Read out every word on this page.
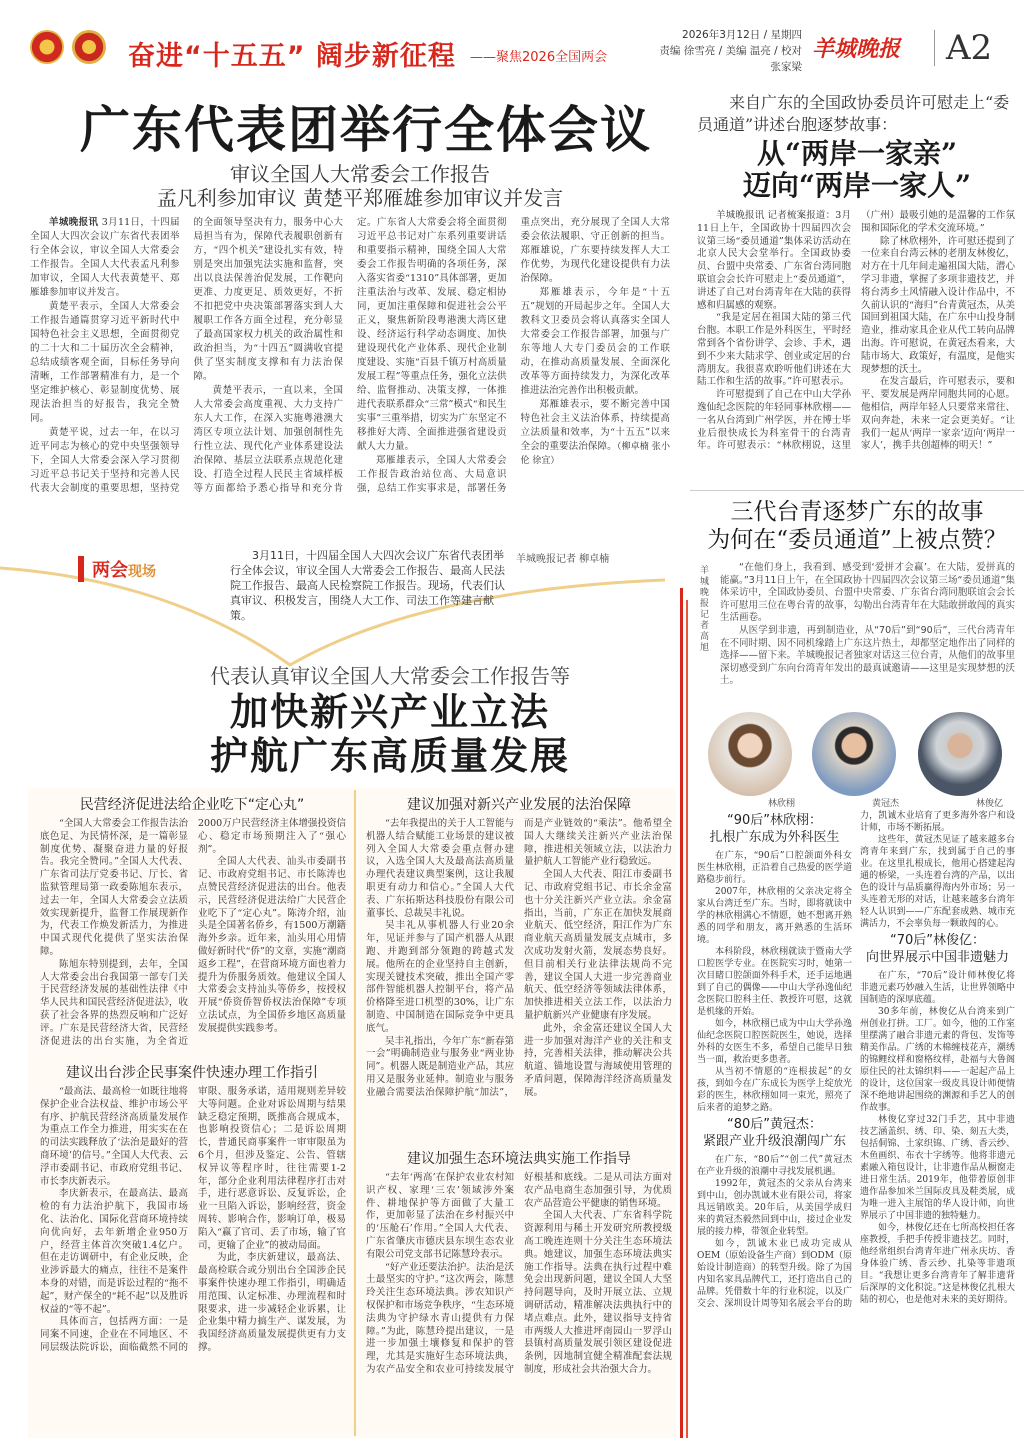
奋进“十五五” 阔步新征程 ——聚焦2026全国两会
2026年3月12日 / 星期四
责编 徐雪亮 / 美编 温亮 / 校对 张家梁
羊城晚报 A2
广东代表团举行全体会议
审议全国人大常委会工作报告
孟凡利参加审议 黄楚平郑雁雄参加审议并发言

羊城晚报讯 3月11日，十四届全国人大四次会议广东省代表团举行全体会议，审议全国人大常委会工作报告。全国人大代表孟凡利参加审议，全国人大代表黄楚平、郑雁雄参加审议并发言。

黄楚平表示，全国人大常委会工作报告通篇贯穿习近平新时代中国特色社会主义思想，全面贯彻党的二十大和二十届历次全会精神，总结成绩客观全面，目标任务导向清晰，工作部署精准有力，是一个坚定维护核心、彰显制度优势、展现法治担当的好报告，我完全赞同。

黄楚平说，过去一年，在以习近平同志为核心的党中央坚强领导下，全国人大常委会深入学习贯彻习近平总书记关于坚持和完善人民代表大会制度的重要思想，坚持党的全面领导坚决有力，服务中心大局担当有为，保障代表履职创新有方，“四个机关”建设扎实有效，特别是突出加强宪法实施和监督，突出以良法保善治促发展，工作靶向更准、力度更足、质效更好，不折不扣把党中央决策部署落实到人大履职工作各方面全过程，充分彰显了最高国家权力机关的政治属性和政治担当，为“十四五”圆满收官提供了坚实制度支撑和有力法治保障。

黄楚平表示，一直以来，全国人大常委会高度重视、大力支持广东人大工作，在深入实施粤港澳大湾区专项立法计划、加强创制性先行性立法、现代化产业体系建设法治保障、基层立法联系点规范化建设、打造全过程人民民主省域样板等方面都给予悉心指导和充分肯定。广东省人大常委会将全面贯彻习近平总书记对广东系列重要讲话和重要指示精神，围绕全国人大常委会工作报告明确的各项任务，深入落实省委“1310”具体部署，更加注重法治与改革、发展、稳定相协同，更加注重保障和促进社会公平正义，聚焦新阶段粤港澳大湾区建设、经济运行科学动态调度、加快建设现代化产业体系、现代企业制度建设、实施“百县千镇万村高质量发展工程”等重点任务，强化立法供给、监督推动、决策支撑，一体推进代表联系群众“三常”模式“和民生实事”三重举措，切实为广东坚定不移推好大湾、全面推进强省建设贡献人大力量。

郑雁雄表示，全国人大常委会工作报告政治站位高、大局意识强，总结工作实事求是，部署任务重点突出，充分展现了全国人大常委会依法履职、守正创新的担当。郑雁雄说，广东要持续发挥人大工作优势，为现代化建设提供有力法治保障。

郑雁雄表示，今年是“十五五”规划的开局起步之年。全国人大教科文卫委员会将认真落实全国人大常委会工作报告部署，加强与广东等地人大专门委员会的工作联动，在推动高质量发展、全面深化改革等方面持续发力，为深化改革推进法治完善作出积极贡献。

郑雁雄表示，要不断完善中国特色社会主义法治体系，持续提高立法质量和效率，为“十五五”以来全会的重要法治保障。（柳卓楠 张小伦 徐宜）

来自广东的全国政协委员许可慰走上“委员通道”讲述台胞逐梦故事：
从“两岸一家亲”
迈向“两岸一家人”

羊城晚报讯 记者梳案报道：3月11日上午，全国政协十四届四次会议第三场“委员通道”集体采访活动在北京人民大会堂举行。全国政协委员、台盟中央常委、广东省台湾同胞联谊会会长许可慰走上“委员通道”，讲述了自己对台湾青年在大陆的获得感和归属感的观察。

“我是定居在祖国大陆的第三代台胞。本职工作是外科医生，平时经常到各个省份讲学、会诊、手术，遇到不少来大陆求学、创业或定居的台湾朋友。我很喜欢聆听他们讲述在大陆工作和生活的故事。”许可慰表示。

许可慰提到了自己在中山大学孙逸仙纪念医院的年轻同事林欣栩——一名从台湾到广州学医，并在博士毕业后很快成长为科室骨干的台湾青年。许可慰表示：“林欣栩说，这里（广州）最吸引她的是温馨的工作氛围和国际化的学术交流环境。”

除了林欣栩外，许可慰还提到了一位来自台湾云林的老朋友林俊亿，对方在十几年间走遍祖国大陆，潜心学习非遗，掌握了多项非遗技艺，并将台湾乡土风情融入设计作品中，不久前认识的“海归”台青黄冠杰，从美国回到祖国大陆，在广东中山投身制造业，推动家具企业从代工转向品牌出海。许可慰说，在黄冠杰看来，大陆市场大、政策好，有温度，是他实现梦想的沃土。

在发言最后，许可慰表示，要和平、要发展是两岸同胞共同的心愿。他相信，两岸年轻人只要常来常往、双向奔赴，未来一定会更美好。“让我们一起从‘两岸一家亲’迈向‘两岸一家人’，携手共创超棒的明天！”

三代台青逐梦广东的故事
为何在“委员通道”上被点赞？
羊城晚报记者 高旭

“在他们身上，我看到、感受到‘爱拼才会赢’。在大陆，爱拼真的能赢。”3月11日上午，在全国政协十四届四次会议第三场“委员通道”集体采访中，全国政协委员、台盟中央常委、广东省台湾同胞联谊会会长许可慰用三位在粤台青的故事，勾勒出台湾青年在大陆敢拼敢闯的真实生活画卷。

从医学到非遗，再到制造业，从“70后”到“90后”，三代台湾青年在不同时期、因不同机缘踏上广东这片热土，却都坚定地作出了同样的选择——留下来。羊城晚报记者独家对话这三位台青，从他们的故事里深切感受到广东向台湾青年发出的最真诚邀请——这里是实现梦想的沃土。

林欣栩	黄冠杰	林俊亿
“90后”林欣栩：
扎根广东成为外科医生

在广东，“90后”口腔颌面外科女医生林欣栩，正沿着自己热爱的医学道路稳步前行。

2007年，林欣栩的父亲决定将全家从台湾迁至广东。当时，即将就读中学的林欣栩满心不情愿，她不想离开熟悉的同学和朋友，离开熟悉的生活环境。

本科阶段，林欣栩就读于暨南大学口腔医学专业。在医院实习时，她第一次目睹口腔颌面外科手术，还手运地遇到了自己的偶像——中山大学孙逸仙纪念医院口腔科主任、教授许可慰，这就是机缘的开始。

如今，林欣栩已成为中山大学孙逸仙纪念医院口腔医院医生，她说，选择外科的女医生不多，希望自己能早日独当一面，救治更多患者。

从当初不情愿的“连根拔起”的女孩，到如今在广东成长为医学上绽放光彩的医生，林欣栩如同一束光，照亮了后来者的追梦之路。

“80后”黄冠杰：
紧跟产业升级浪潮闯广东

在广东，“80后”“创二代”黄冠杰在产业升级的浪潮中寻找发展机遇。

1992年，黄冠杰的父亲从台湾来到中山，创办凯诚木业有限公司，将家具远销欧美。20年后，从美国学成归来的黄冠杰毅然回到中山，接过企业发展的接力棒，带领企业转型。

如今，凯诚木业已成功完成从OEM（原始设备生产商）到ODM（原始设计制造商）的转型升级。除了为国内知名家具品牌代工，还打造出自己的品牌。凭借数十年的行业积淀，以及广交会、深圳设计周等知名展会平台的助力，凯诚木业培育了更多海外客户和设计师，市场不断拓展。

这些年，黄冠杰见证了越来越多台湾青年来到广东，找到属于自己的事业。在这里扎根成长，他用心搭建起沟通的桥梁，一头连着台湾的产品，以出色的设计与品质赢得海内外市场；另一头连着无形的对话，让越来越多台湾年轻人认识到——广东配套成熟、城市充满活力，不会辜负每一颗敢闯的心。

“70后”林俊亿：
向世界展示中国非遗魅力

在广东，“70后”设计师林俊亿将非遗元素巧妙融入生活，让世界领略中国制造的深厚底蕴。

30多年前，林俊亿从台湾来到广州创业打拼。工厂。如今，他的工作室里摆满了融合非遗元素的背包、发饰等精美作品。广绣的木棉缠枝花卉，潮绣的锦鲤纹样和窗格纹样，赴福与大鲁阁原住民的社太锦织料——一起起产品上的设计，这位国家一级皮具设计师便情深不绝地讲起围绕的渊源和手艺人的创作故事。

林俊亿穿过32门手艺，其中非遗技艺涵盖织、绣、印、染、刻五大类，包括侗锦、土家织锦、广绣、香云纱、木鱼画织、布衣十字绣等。他将非遗元素融入箱包设计，让非遗作品从橱窗走进日常生活。2019年，他带着原创非遗作品参加米兰国际皮具及鞋类展，成为唯一进入主展馆的华人设计师，向世界展示了中国非遗的独特魅力。

如今，林俊亿还在七所高校担任客座教授，手把手传授非遗技艺。同时，他经常组织台湾青年进广州永庆坊、香身体验广绣、香云纱、扎染等非遗项目。“我想让更多台湾青年了解非遗背后深厚的文化积淀。”这是林俊亿扎根大陆的初心，也是他对未来的美好期待。

两会现场
3月11日，十四届全国人大四次会议广东省代表团举行全体会议，审议全国人大常委会工作报告、最高人民法院工作报告、最高人民检察院工作报告。现场，代表们认真审议、积极发言，围绕人大工作、司法工作等建言献策。
羊城晚报记者 柳卓楠
代表认真审议全国人大常委会工作报告等
加快新兴产业立法
护航广东高质量发展
民营经济促进法给企业吃下“定心丸”

“全国人大常委会工作报告法治底色足、为民情怀深，是一篇彰显制度优势、凝聚奋进力量的好报告。我完全赞同。”全国人大代表、广东省司法厅党委书记、厅长、省监狱管理局第一政委陈旭东表示，过去一年，全国人大常委会立法质效实现新提升，监督工作展现新作为，代表工作焕发新活力，为推进中国式现代化提供了坚实法治保障。

陈旭东特别提到，去年，全国人大常委会出台我国第一部专门关于民营经济发展的基础性法律《中华人民共和国民营经济促进法》，收获了社会各界的热烈反响和广泛好评。广东是民营经济大省，民营经济促进法的出台实施，为全省近2000万户民营经济主体增强投资信心、稳定市场预期注入了“强心剂”。

全国人大代表、汕头市委副书记、市政府党组书记、市长陈涛也点赞民营经济促进法的出台。他表示，民营经济促进法给广大民营企业吃下了“定心丸”。陈涛介绍，汕头是全国著名侨乡，有1500万潮籍海外乡亲。近年来，汕头用心用情做好新时代“侨”的文章，实施“潮商返乡工程”，在营商环境方面也着力提升为侨服务质效。他建议全国人大常委会支持汕头等侨乡，按授权开展“侨资侨智侨权法治保障”专项立法试点，为全国侨乡地区高质量发展提供实践参考。

建议出台涉企民事案件快速办理工作指引

“最高法、最高检一如既往地将保护企业合法权益、维护市场公平有序、护航民营经济高质量发展作为重点工作全力推进，用实实在在的司法实践释放了‘法治是最好的营商环境’的信号。”全国人大代表、云浮市委副书记、市政府党组书记、市长李庆新表示。

李庆新表示，在最高法、最高检的有力法治护航下，我国市场化、法治化、国际化营商环境持续向优向好，去年新增企业950万户，经营主体首次突破1.4亿户。但在走访调研中，有企业反映，企业涉诉最大的痛点，往往不是案件本身的对错，而是诉讼过程的“拖不起”，财产保全的“耗不起”以及胜诉权益的“等不起”。

具体而言，包括两方面：一是同案不同速，企业在不同地区、不同层级法院诉讼，面临截然不同的审限、服务承诺，适用规则差异较大等问题。企业对诉讼周期与结果缺乏稳定预期，既推高合规成本，也影响投资信心；二是诉讼周期长，普通民商事案件一审审限虽为6个月，但涉及鉴定、公告、管辖权异议等程序时，往往需要1-2年，部分企业利用法律程序打击对手，进行恶意诉讼、反复诉讼，企业一旦陷入诉讼，影响经营，资金周转、影响合作，影响订单，极易陷入“赢了官司、丢了市场，输了官司，更输了企业”的被动局面。

为此，李庆新建议，最高法、最高检联合或分别出台全国涉企民事案件快速办理工作指引，明确适用范围、认定标准、办理流程和时限要求，进一步减轻企业诉累，让企业集中精力搞生产、谋发展，为我国经济高质量发展提供更有力支撑。

建议加强对新兴产业发展的法治保障

“去年我提出的关于人工智能与机器人结合赋能工业场景的建议被列入全国人大常委会重点督办建议，入选全国人大及最高法高质量办理代表建议典型案例，这让我履职更有动力和信心。”全国人大代表、广东拓斯达科技股份有限公司董事长、总裁吴丰礼说。

吴丰礼从事机器人行业20余年，见证并参与了国产机器人从跟跑、并跑到部分领跑的跨越式发展。他所在的企业坚持自主创新，实现关键技术突破，推出全国产零部件智能机器人控制平台，将产品价格降至进口机型的30%，让广东制造、中国制造在国际竞争中更具底气。

吴丰礼指出，今年广东“新春第一会”明确制造业与服务业“两业协同”。机器人既是制造业产品，其应用又是服务业延伸。制造业与服务业融合需要法治保障护航“加法”，而是产业链效的“乘法”。他希望全国人大继续关注新兴产业法治保障，推进相关领域立法，以法治力量护航人工智能产业行稳致远。

全国人大代表、阳江市委副书记、市政府党组书记、市长余金富也十分关注新兴产业立法。余金富指出，当前，广东正在加快发展商业航天、低空经济，阳江作为广东商业航天高质量发展支点城市，多次成功发射火箭，发展态势良好。但目前相关行业法律法规尚不完善，建议全国人大进一步完善商业航天、低空经济等领域法律体系，加快推进相关立法工作，以法治力量护航新兴产业健康有序发展。

此外，余金富还建议全国人大进一步加强对海洋产业的关注和支持，完善相关法律，推动解决公共航道、锚地设置与海域使用管理的矛盾问题，保障海洋经济高质量发展。

建议加强生态环境法典实施工作指导

“去年‘两高’在保护农业农村知识产权、家理‘三农’领域涉外案件、耕地保护等方面做了大量工作，更加彰显了法治在乡村振兴中的‘压舱石’作用。”全国人大代表、广东省肇庆市德庆县东坝生态农业有限公司党支部书记陈慧玲表示。

“好产业还要法治护。法治是沃土最坚实的守护。”这次两会，陈慧玲关注生态环境法典。涉农知识产权保护和市场竞争秩序，“生态环境法典为守护绿水青山提供有力保障。”为此，陈慧玲提出建议，一是进一步加强土壤修复和保护的管理，尤其是实施好生态环境法典，为农产品安全和农业可持续发展守好根基和底线。二是从司法方面对农产品电商生态加强引导，为优质农产品营造公平健康的销售环境。

全国人大代表、广东省科学院资源利用与稀土开发研究所教授级高工晚连连则十分关注生态环境法典。她建议，加强生态环境法典实施工作指导。法典在执行过程中难免会出现新问题，建议全国人大坚持问题导向，及时开展立法、立规调研活动，精准解决法典执行中的堵点难点。此外，建议指导支持省市两级人大推进坪南园山一罗浮山县镇村高质量发展引领区建设促进条例，因地制宜健全精准配套法规制度，形成社会共治强大合力。
